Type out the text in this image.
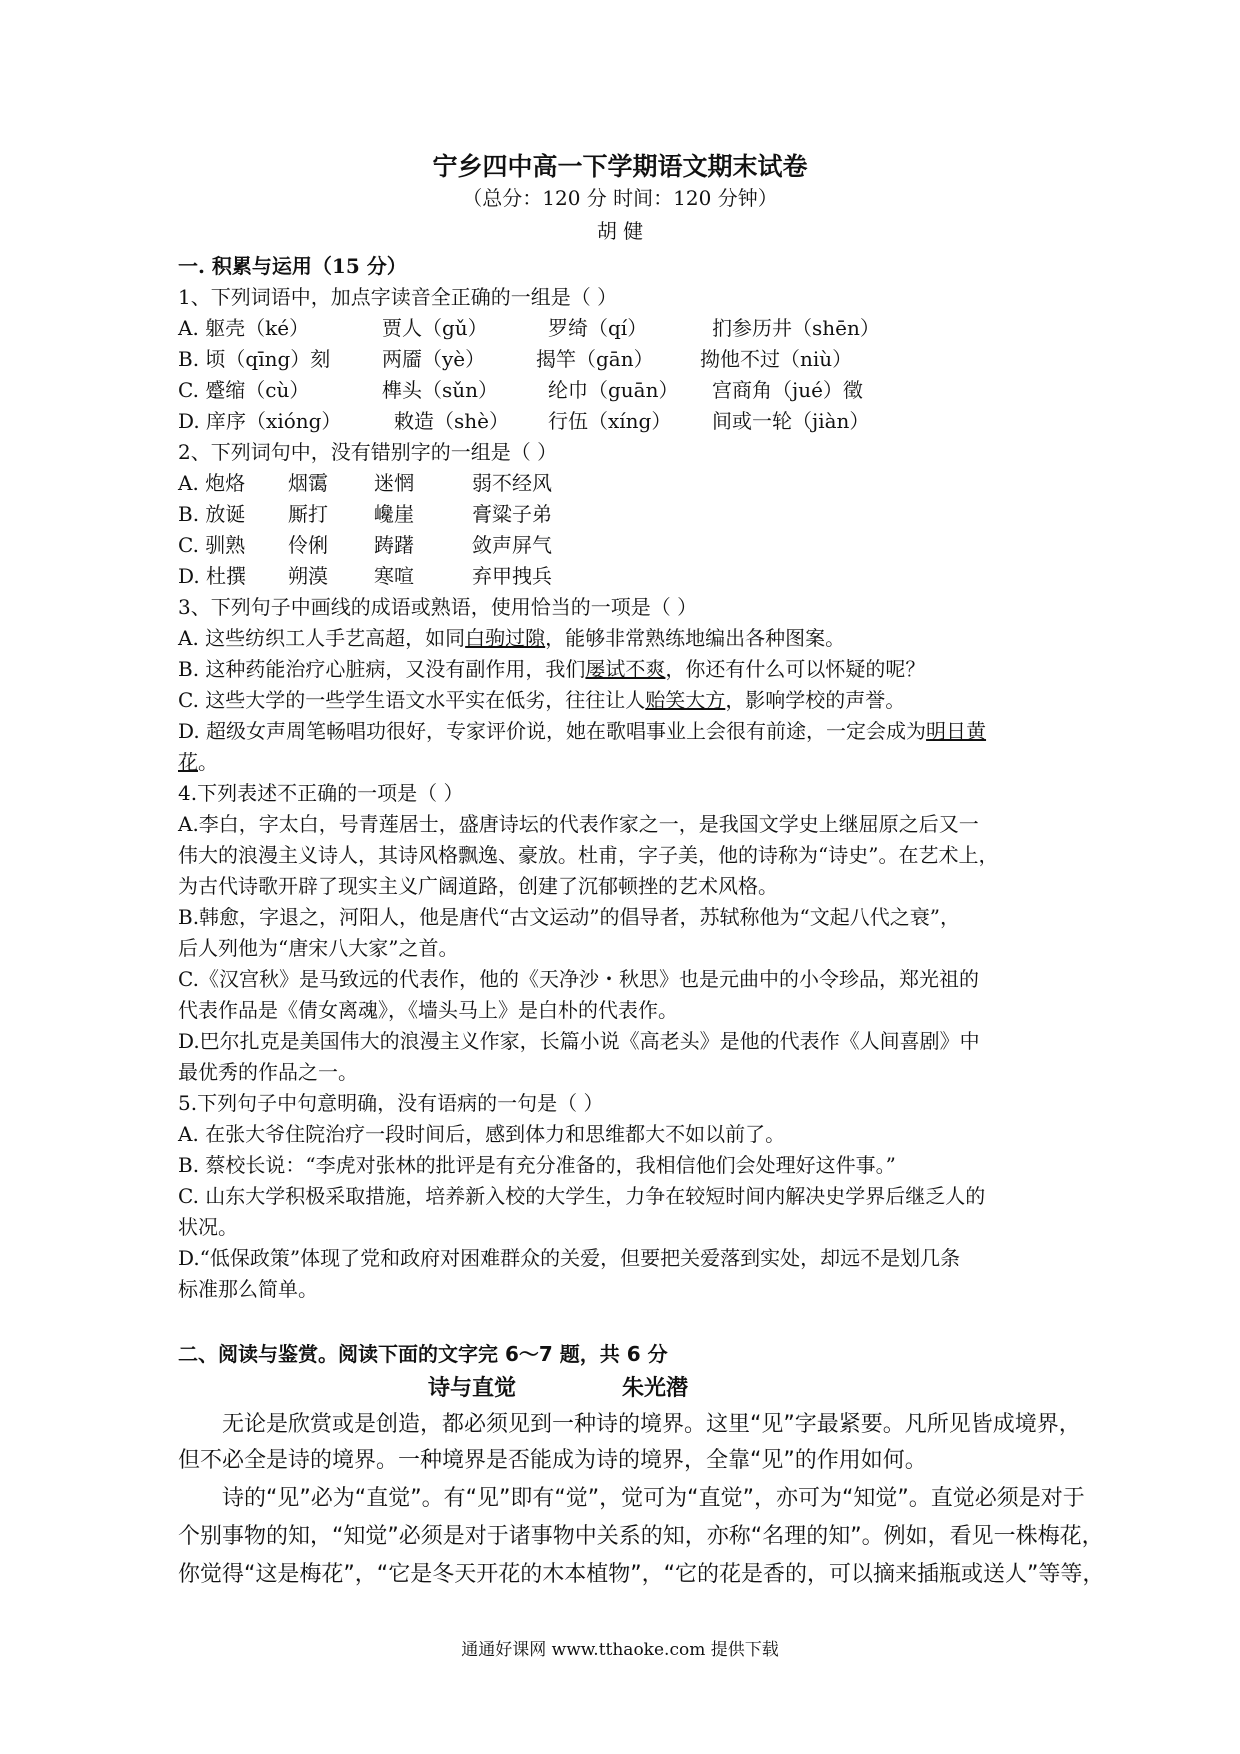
宁乡四中高一下学期语文期末试卷
（总分：120 分 时间：120 分钟）
胡 健
一. 积累与运用（15 分）
1、下列词语中，加点字读音全正确的一组是（ ）
A. 躯壳（ké）	贾人（gǔ）	罗绮（qí）	扪参历井（shēn）
B. 顷（qīng）刻	两靥（yè）	揭竿（gān） 拗他不过（niù）
C. 蹙缩（cù）	榫头（sǔn） 纶巾（guān） 宫商角（jué）徵
D. 庠序（xióng）	敕造（shè） 行伍（xíng） 间或一轮（jiàn）
2、下列词句中，没有错别字的一组是（ ）
A. 炮烙 烟霭 迷惘	弱不经风
B. 放诞 厮打 巉崖	膏粱子弟
C. 驯熟 伶俐 踌躇	敛声屏气
D. 杜撰 朔漠 寒喧	弃甲拽兵
3、下列句子中画线的成语或熟语，使用恰当的一项是（ ）
A. 这些纺织工人手艺高超，如同白驹过隙，能够非常熟练地编出各种图案。
B. 这种药能治疗心脏病，又没有副作用，我们屡试不爽，你还有什么可以怀疑的呢？
C. 这些大学的一些学生语文水平实在低劣，往往让人贻笑大方，影响学校的声誉。
D. 超级女声周笔畅唱功很好，专家评价说，她在歌唱事业上会很有前途，一定会成为明日黄
花。
4.下列表述不正确的一项是（ ）
A.李白，字太白，号青莲居士，盛唐诗坛的代表作家之一，是我国文学史上继屈原之后又一
伟大的浪漫主义诗人，其诗风格飘逸、豪放。杜甫，字子美，他的诗称为“诗史”。在艺术上，
为古代诗歌开辟了现实主义广阔道路，创建了沉郁顿挫的艺术风格。
B.韩愈，字退之，河阳人，他是唐代“古文运动”的倡导者，苏轼称他为“文起八代之衰”，
后人列他为“唐宋八大家”之首。
C.《汉宫秋》是马致远的代表作，他的《天净沙・秋思》也是元曲中的小令珍品，郑光祖的
代表作品是《倩女离魂》，《墙头马上》是白朴的代表作。
D.巴尔扎克是美国伟大的浪漫主义作家，长篇小说《高老头》是他的代表作《人间喜剧》中
最优秀的作品之一。
5.下列句子中句意明确，没有语病的一句是（ ）
A. 在张大爷住院治疗一段时间后，感到体力和思维都大不如以前了。
B. 蔡校长说：“李虎对张林的批评是有充分准备的，我相信他们会处理好这件事。”
C. 山东大学积极采取措施，培养新入校的大学生，力争在较短时间内解决史学界后继乏人的
状况。
D.“低保政策”体现了党和政府对困难群众的关爱，但要把关爱落到实处，却远不是划几条
标准那么简单。
二、阅读与鉴赏。阅读下面的文字完 6～7 题，共 6 分
诗与直觉	朱光潜
无论是欣赏或是创造，都必须见到一种诗的境界。这里“见”字最紧要。凡所见皆成境界，
但不必全是诗的境界。一种境界是否能成为诗的境界，全靠“见”的作用如何。
诗的“见”必为“直觉”。有“见”即有“觉”，觉可为“直觉”，亦可为“知觉”。直觉必须是对于
个别事物的知，“知觉”必须是对于诸事物中关系的知，亦称“名理的知”。例如，看见一株梅花，
你觉得“这是梅花”，“它是冬天开花的木本植物”，“它的花是香的，可以摘来插瓶或送人”等等，
通通好课网 www.tthaoke.com 提供下载
